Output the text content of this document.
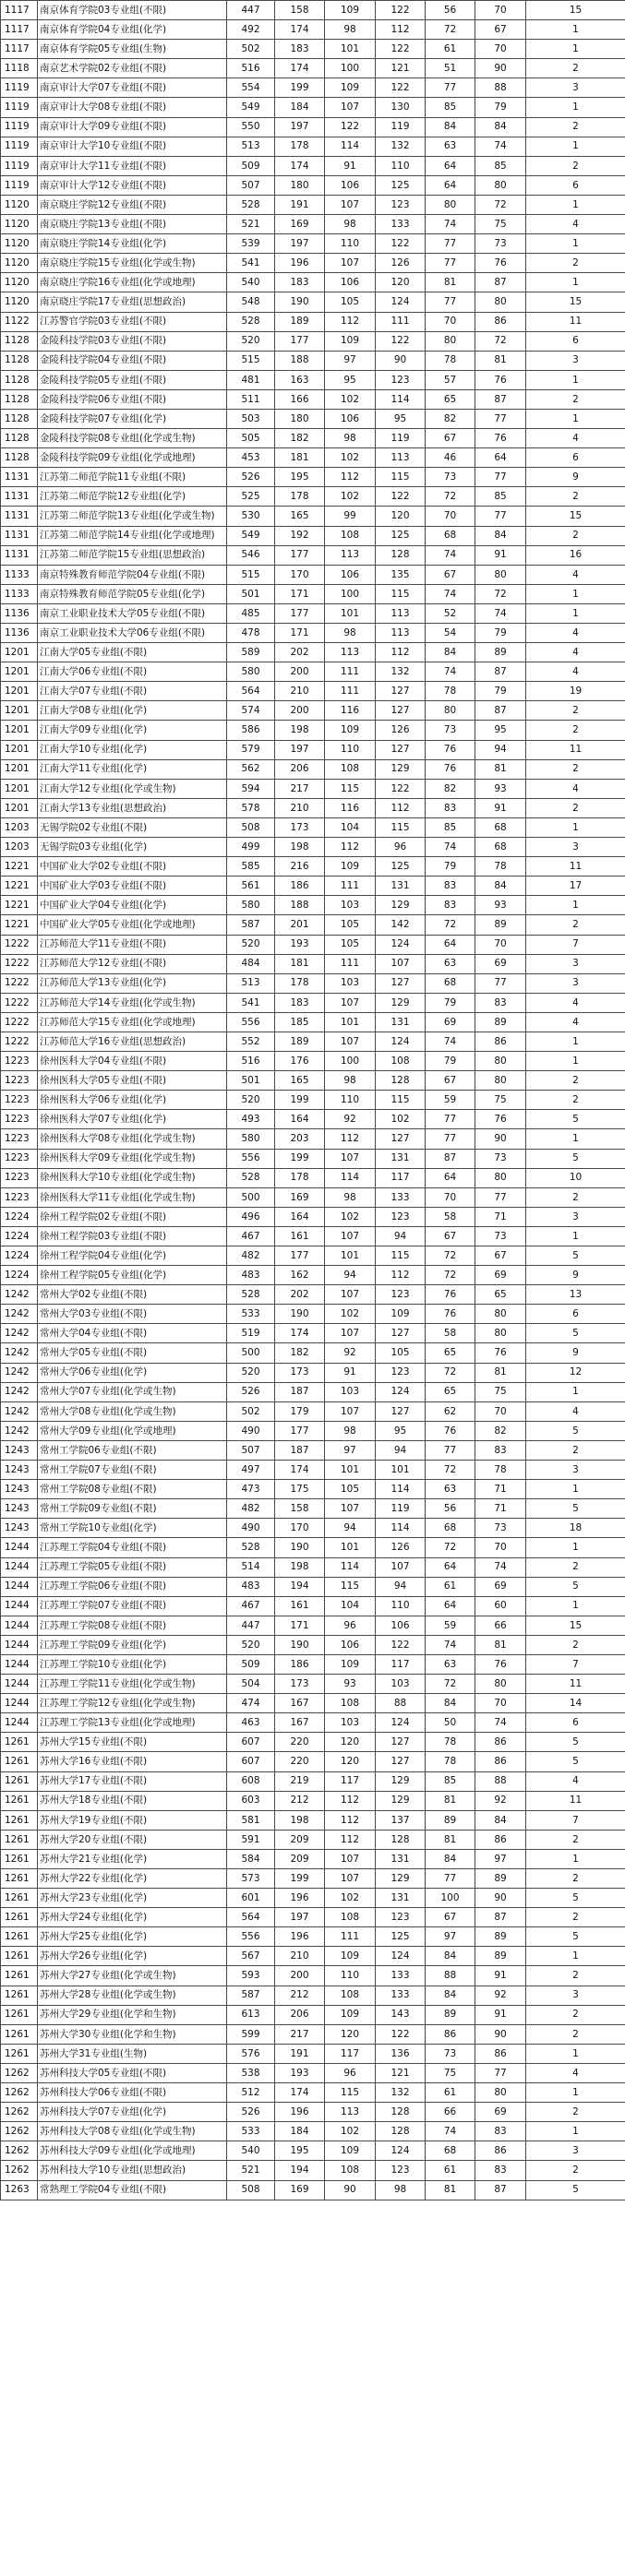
1117	南京体育学院03专业组(不限)	447	158	109	122	56	70	15
1117	南京体育学院04专业组(化学)	492	174	98	112	72	67	1
1117	南京体育学院05专业组(生物)	502	183	101	122	61	70	1
1118	南京艺术学院02专业组(不限)	516	174	100	121	51	90	2
1119	南京审计大学07专业组(不限)	554	199	109	122	77	88	3
1119	南京审计大学08专业组(不限)	549	184	107	130	85	79	1
1119	南京审计大学09专业组(不限)	550	197	122	119	84	84	2
1119	南京审计大学10专业组(不限)	513	178	114	132	63	74	1
1119	南京审计大学11专业组(不限)	509	174	91	110	64	85	2
1119	南京审计大学12专业组(不限)	507	180	106	125	64	80	6
1120	南京晓庄学院12专业组(不限)	528	191	107	123	80	72	1
1120	南京晓庄学院13专业组(不限)	521	169	98	133	74	75	4
1120	南京晓庄学院14专业组(化学)	539	197	110	122	77	73	1
1120	南京晓庄学院15专业组(化学或生物)	541	196	107	126	77	76	2
1120	南京晓庄学院16专业组(化学或地理)	540	183	106	120	81	87	1
1120	南京晓庄学院17专业组(思想政治)	548	190	105	124	77	80	15
1122	江苏警官学院03专业组(不限)	528	189	112	111	70	86	11
1128	金陵科技学院03专业组(不限)	520	177	109	122	80	72	6
1128	金陵科技学院04专业组(不限)	515	188	97	90	78	81	3
1128	金陵科技学院05专业组(不限)	481	163	95	123	57	76	1
1128	金陵科技学院06专业组(不限)	511	166	102	114	65	87	2
1128	金陵科技学院07专业组(化学)	503	180	106	95	82	77	1
1128	金陵科技学院08专业组(化学或生物)	505	182	98	119	67	76	4
1128	金陵科技学院09专业组(化学或地理)	453	181	102	113	46	64	6
1131	江苏第二师范学院11专业组(不限)	526	195	112	115	73	77	9
1131	江苏第二师范学院12专业组(化学)	525	178	102	122	72	85	2
1131	江苏第二师范学院13专业组(化学或生物)	530	165	99	120	70	77	15
1131	江苏第二师范学院14专业组(化学或地理)	549	192	108	125	68	84	2
1131	江苏第二师范学院15专业组(思想政治)	546	177	113	128	74	91	16
1133	南京特殊教育师范学院04专业组(不限)	515	170	106	135	67	80	4
1133	南京特殊教育师范学院05专业组(化学)	501	171	100	115	74	72	1
1136	南京工业职业技术大学05专业组(不限)	485	177	101	113	52	74	1
1136	南京工业职业技术大学06专业组(不限)	478	171	98	113	54	79	4
1201	江南大学05专业组(不限)	589	202	113	112	84	89	4
1201	江南大学06专业组(不限)	580	200	111	132	74	87	4
1201	江南大学07专业组(不限)	564	210	111	127	78	79	19
1201	江南大学08专业组(化学)	574	200	116	127	80	87	2
1201	江南大学09专业组(化学)	586	198	109	126	73	95	2
1201	江南大学10专业组(化学)	579	197	110	127	76	94	11
1201	江南大学11专业组(化学)	562	206	108	129	76	81	2
1201	江南大学12专业组(化学或生物)	594	217	115	122	82	93	4
1201	江南大学13专业组(思想政治)	578	210	116	112	83	91	2
1203	无锡学院02专业组(不限)	508	173	104	115	85	68	1
1203	无锡学院03专业组(化学)	499	198	112	96	74	68	3
1221	中国矿业大学02专业组(不限)	585	216	109	125	79	78	11
1221	中国矿业大学03专业组(不限)	561	186	111	131	83	84	17
1221	中国矿业大学04专业组(化学)	580	188	103	129	83	93	1
1221	中国矿业大学05专业组(化学或地理)	587	201	105	142	72	89	2
1222	江苏师范大学11专业组(不限)	520	193	105	124	64	70	7
1222	江苏师范大学12专业组(不限)	484	181	111	107	63	69	3
1222	江苏师范大学13专业组(化学)	513	178	103	127	68	77	3
1222	江苏师范大学14专业组(化学或生物)	541	183	107	129	79	83	4
1222	江苏师范大学15专业组(化学或地理)	556	185	101	131	69	89	4
1222	江苏师范大学16专业组(思想政治)	552	189	107	124	74	86	1
1223	徐州医科大学04专业组(不限)	516	176	100	108	79	80	1
1223	徐州医科大学05专业组(不限)	501	165	98	128	67	80	2
1223	徐州医科大学06专业组(化学)	520	199	110	115	59	75	2
1223	徐州医科大学07专业组(化学)	493	164	92	102	77	76	5
1223	徐州医科大学08专业组(化学或生物)	580	203	112	127	77	90	1
1223	徐州医科大学09专业组(化学或生物)	556	199	107	131	87	73	5
1223	徐州医科大学10专业组(化学或生物)	528	178	114	117	64	80	10
1223	徐州医科大学11专业组(化学或生物)	500	169	98	133	70	77	2
1224	徐州工程学院02专业组(不限)	496	164	102	123	58	71	3
1224	徐州工程学院03专业组(不限)	467	161	107	94	67	73	1
1224	徐州工程学院04专业组(化学)	482	177	101	115	72	67	5
1224	徐州工程学院05专业组(化学)	483	162	94	112	72	69	9
1242	常州大学02专业组(不限)	528	202	107	123	76	65	13
1242	常州大学03专业组(不限)	533	190	102	109	76	80	6
1242	常州大学04专业组(不限)	519	174	107	127	58	80	5
1242	常州大学05专业组(不限)	500	182	92	105	65	76	9
1242	常州大学06专业组(化学)	520	173	91	123	72	81	12
1242	常州大学07专业组(化学或生物)	526	187	103	124	65	75	1
1242	常州大学08专业组(化学或生物)	502	179	107	127	62	70	4
1242	常州大学09专业组(化学或地理)	490	177	98	95	76	82	5
1243	常州工学院06专业组(不限)	507	187	97	94	77	83	2
1243	常州工学院07专业组(不限)	497	174	101	101	72	78	3
1243	常州工学院08专业组(不限)	473	175	105	114	63	71	1
1243	常州工学院09专业组(不限)	482	158	107	119	56	71	5
1243	常州工学院10专业组(化学)	490	170	94	114	68	73	18
1244	江苏理工学院04专业组(不限)	528	190	101	126	72	70	1
1244	江苏理工学院05专业组(不限)	514	198	114	107	64	74	2
1244	江苏理工学院06专业组(不限)	483	194	115	94	61	69	5
1244	江苏理工学院07专业组(不限)	467	161	104	110	64	60	1
1244	江苏理工学院08专业组(不限)	447	171	96	106	59	66	15
1244	江苏理工学院09专业组(化学)	520	190	106	122	74	81	2
1244	江苏理工学院10专业组(化学)	509	186	109	117	63	76	7
1244	江苏理工学院11专业组(化学或生物)	504	173	93	103	72	80	11
1244	江苏理工学院12专业组(化学或生物)	474	167	108	88	84	70	14
1244	江苏理工学院13专业组(化学或地理)	463	167	103	124	50	74	6
1261	苏州大学15专业组(不限)	607	220	120	127	78	86	5
1261	苏州大学16专业组(不限)	607	220	120	127	78	86	5
1261	苏州大学17专业组(不限)	608	219	117	129	85	88	4
1261	苏州大学18专业组(不限)	603	212	112	129	81	92	11
1261	苏州大学19专业组(不限)	581	198	112	137	89	84	7
1261	苏州大学20专业组(不限)	591	209	112	128	81	86	2
1261	苏州大学21专业组(化学)	584	209	107	131	84	97	1
1261	苏州大学22专业组(化学)	573	199	107	129	77	89	2
1261	苏州大学23专业组(化学)	601	196	102	131	100	90	5
1261	苏州大学24专业组(化学)	564	197	108	123	67	87	2
1261	苏州大学25专业组(化学)	556	196	111	125	97	89	5
1261	苏州大学26专业组(化学)	567	210	109	124	84	89	1
1261	苏州大学27专业组(化学或生物)	593	200	110	133	88	91	2
1261	苏州大学28专业组(化学或生物)	587	212	108	133	84	92	3
1261	苏州大学29专业组(化学和生物)	613	206	109	143	89	91	2
1261	苏州大学30专业组(化学和生物)	599	217	120	122	86	90	2
1261	苏州大学31专业组(生物)	576	191	117	136	73	86	1
1262	苏州科技大学05专业组(不限)	538	193	96	121	75	77	4
1262	苏州科技大学06专业组(不限)	512	174	115	132	61	80	1
1262	苏州科技大学07专业组(化学)	526	196	113	128	66	69	2
1262	苏州科技大学08专业组(化学或生物)	533	184	102	128	74	83	1
1262	苏州科技大学09专业组(化学或地理)	540	195	109	124	68	86	3
1262	苏州科技大学10专业组(思想政治)	521	194	108	123	61	83	2
1263	常熟理工学院04专业组(不限)	508	169	90	98	81	87	5
